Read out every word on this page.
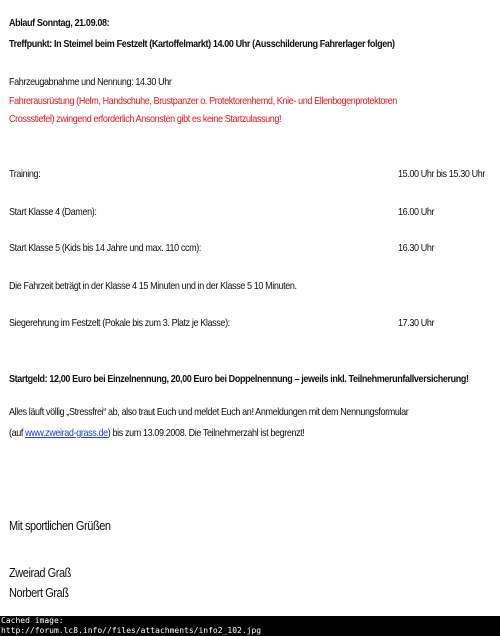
Ablauf Sonntag, 21.09.08:
Treffpunkt: In Steimel beim Festzelt (Kartoffelmarkt) 14.00 Uhr (Ausschilderung Fahrerlager folgen)
Fahrzeugabnahme und Nennung: 14.30 Uhr
Fahrerausrüstung (Helm, Handschuhe, Brustpanzer o. Protektorenhemd, Knie- und Ellenbogenprotektoren
Crossstiefel) zwingend erforderlich Ansonsten gibt es keine Startzulassung!
Training:	15.00 Uhr bis 15.30 Uhr
Start Klasse 4 (Damen):	16.00 Uhr
Start Klasse 5 (Kids bis 14 Jahre und max. 110 ccm):	16.30 Uhr
Die Fahrzeit beträgt in der Klasse 4 15 Minuten und in der Klasse 5 10 Minuten.
Siegerehrung im Festzelt (Pokale bis zum 3. Platz je Klasse):	17.30 Uhr
Startgeld: 12,00 Euro bei Einzelnennung, 20,00 Euro bei Doppelnennung – jeweils inkl. Teilnehmerunfallversicherung!
Alles läuft völlig „Stressfrei“ ab, also traut Euch und meldet Euch an! Anmeldungen mit dem Nennungsformular
(auf www.zweirad-grass.de) bis zum 13.09.2008. Die Teilnehmerzahl ist begrenzt!
Mit sportlichen Grüßen
Zweirad Graß
Norbert Graß
Cached image:
http://forum.lc8.info//files/attachments/info2_102.jpg
